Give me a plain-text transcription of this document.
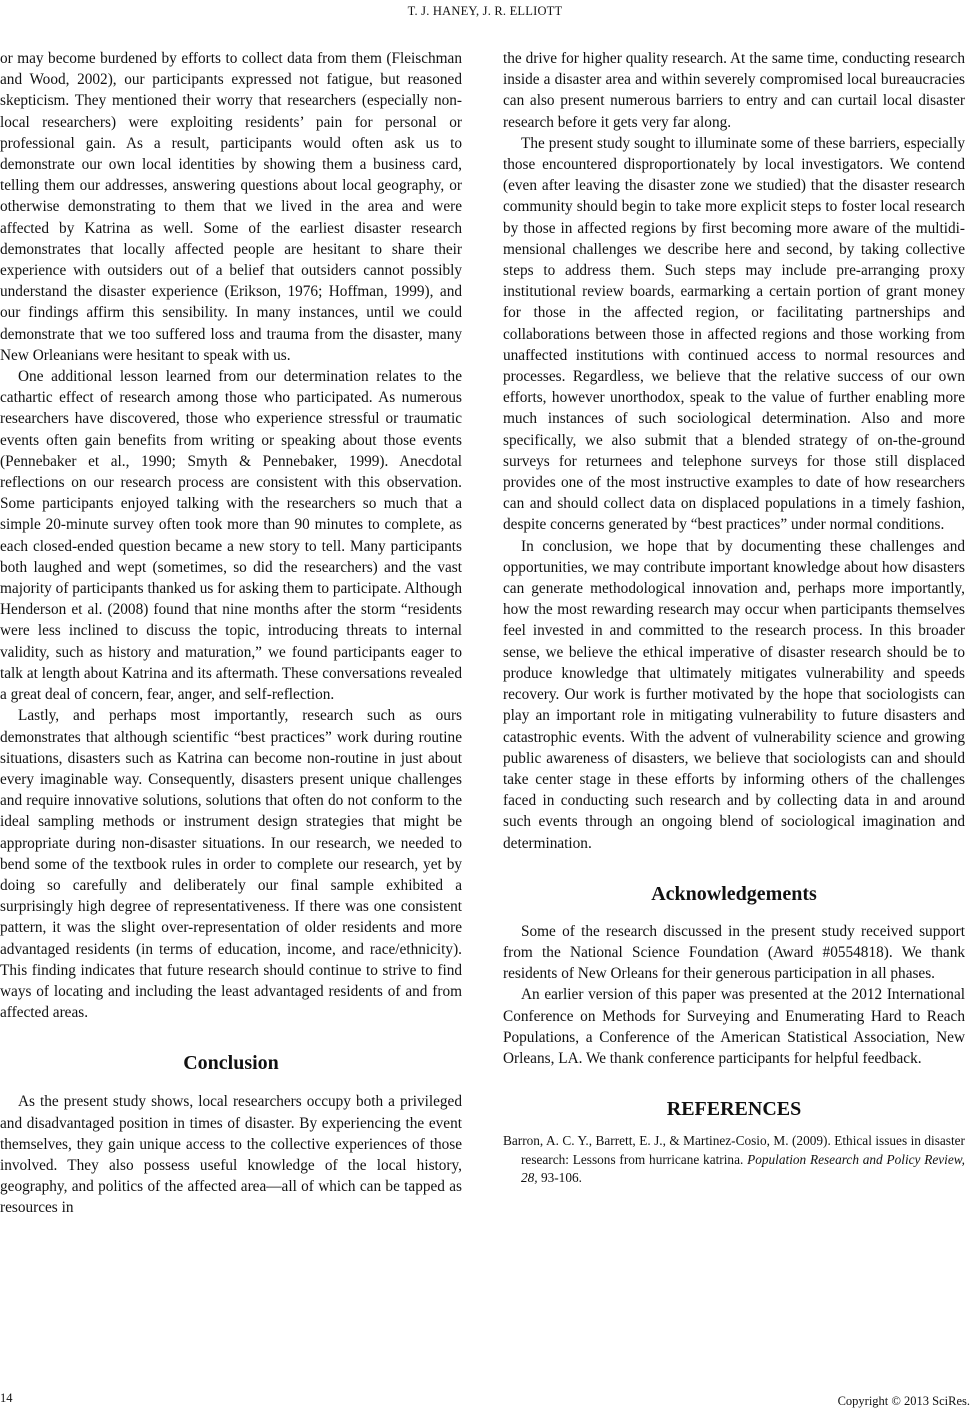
T. J. HANEY, J. R. ELLIOTT

or may become burdened by efforts to collect data from them (Fleischman and Wood, 2002), our participants expressed not fatigue, but reasoned skepticism. They mentioned their worry that researchers (especially non-local researchers) were exploiting residents’ pain for personal or professional gain. As a result, participants would often ask us to demonstrate our own local identities by showing them a business card, telling them our addresses, answering questions about local geography, or otherwise demonstrating to them that we lived in the area and were affected by Katrina as well. Some of the earliest disaster research demonstrates that locally affected people are hesitant to share their experience with outsiders out of a belief that outsiders cannot possibly understand the disaster experience (Erikson, 1976; Hoffman, 1999), and our findings affirm this sensibility. In many instances, until we could demonstrate that we too suffered loss and trauma from the disaster, many New Orleanians were hesitant to speak with us.

One additional lesson learned from our determination relates to the cathartic effect of research among those who participated. As numerous researchers have discovered, those who experience stressful or traumatic events often gain benefits from writing or speaking about those events (Pennebaker et al., 1990; Smyth & Pennebaker, 1999). Anecdotal reflections on our research process are consistent with this observation. Some participants enjoyed talking with the researchers so much that a simple 20-minute survey often took more than 90 minutes to complete, as each closed-ended question became a new story to tell. Many participants both laughed and wept (sometimes, so did the researchers) and the vast majority of participants thanked us for asking them to participate. Although Henderson et al. (2008) found that nine months after the storm “residents were less inclined to discuss the topic, introducing threats to internal validity, such as history and maturation,” we found participants eager to talk at length about Katrina and its aftermath. These conversations revealed a great deal of concern, fear, anger, and self-reflection.

Lastly, and perhaps most importantly, research such as ours demonstrates that although scientific “best practices” work during routine situations, disasters such as Katrina can become non-routine in just about every imaginable way. Consequently, disasters present unique challenges and require innovative solutions, solutions that often do not conform to the ideal sampling methods or instrument design strategies that might be appropriate during non-disaster situations. In our research, we needed to bend some of the textbook rules in order to complete our research, yet by doing so carefully and deliberately our final sample exhibited a surprisingly high degree of representativeness. If there was one consistent pattern, it was the slight over-representation of older residents and more advantaged residents (in terms of education, income, and race/ethnicity). This finding indicates that future research should continue to strive to find ways of locating and including the least advantaged residents of and from affected areas.

Conclusion

As the present study shows, local researchers occupy both a privileged and disadvantaged position in times of disaster. By experiencing the event themselves, they gain unique access to the collective experiences of those involved. They also possess useful knowledge of the local history, geography, and politics of the affected area—all of which can be tapped as resources in

the drive for higher quality research. At the same time, conducting research inside a disaster area and within severely compromised local bureaucracies can also present numerous barriers to entry and can curtail local disaster research before it gets very far along.

The present study sought to illuminate some of these barriers, especially those encountered disproportionately by local investigators. We contend (even after leaving the disaster zone we studied) that the disaster research community should begin to take more explicit steps to foster local research by those in affected regions by first becoming more aware of the multidimensional challenges we describe here and second, by taking collective steps to address them. Such steps may include pre-arranging proxy institutional review boards, earmarking a certain portion of grant money for those in the affected region, or facilitating partnerships and collaborations between those in affected regions and those working from unaffected institutions with continued access to normal resources and processes. Regardless, we believe that the relative success of our own efforts, however unorthodox, speak to the value of further enabling more much instances of such sociological determination. Also and more specifically, we also submit that a blended strategy of on-the-ground surveys for returnees and telephone surveys for those still displaced provides one of the most instructive examples to date of how researchers can and should collect data on displaced populations in a timely fashion, despite concerns generated by “best practices” under normal conditions.

In conclusion, we hope that by documenting these challenges and opportunities, we may contribute important knowledge about how disasters can generate methodological innovation and, perhaps more importantly, how the most rewarding research may occur when participants themselves feel invested in and committed to the research process. In this broader sense, we believe the ethical imperative of disaster research should be to produce knowledge that ultimately mitigates vulnerability and speeds recovery. Our work is further motivated by the hope that sociologists can play an important role in mitigating vulnerability to future disasters and catastrophic events. With the advent of vulnerability science and growing public awareness of disasters, we believe that sociologists can and should take center stage in these efforts by informing others of the challenges faced in conducting such research and by collecting data in and around such events through an ongoing blend of sociological imagination and determination.

Acknowledgements

Some of the research discussed in the present study received support from the National Science Foundation (Award #0554818). We thank residents of New Orleans for their generous participation in all phases.

An earlier version of this paper was presented at the 2012 International Conference on Methods for Surveying and Enumerating Hard to Reach Populations, a Conference of the American Statistical Association, New Orleans, LA. We thank conference participants for helpful feedback.

REFERENCES

Barron, A. C. Y., Barrett, E. J., & Martinez-Cosio, M. (2009). Ethical issues in disaster research: Lessons from hurricane katrina. Population Research and Policy Review, 28, 93-106.

14	Copyright © 2013 SciRes.
